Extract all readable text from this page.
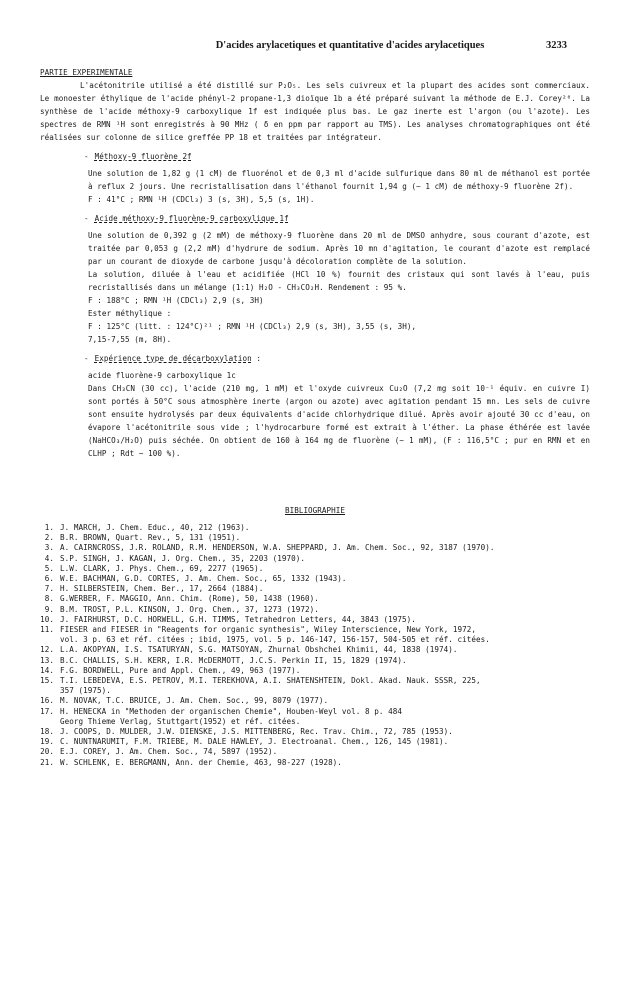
D'acides arylacetiques et quantitative d'acides arylacetiques	3233

PARTIE EXPERIMENTALE

L'acétonitrile utilisé a été distillé sur P₂O₅. Les sels cuivreux et la plupart des acides sont commerciaux. Le monoester éthylique de l'acide phényl-2 propane-1,3 dioïque 1b a été préparé suivant la méthode de E.J. Corey²⁰. La synthèse de l'acide méthoxy-9 carboxylique 1f est indiquée plus bas. Le gaz inerte est l'argon (ou l'azote). Les spectres de RMN ¹H sont enregistrés à 90 MHz ( δ en ppm par rapport au TMS). Les analyses chromatographiques ont été réalisées sur colonne de silice greffée PP 18 et traitées par intégrateur.

- Méthoxy-9 fluorène 2f

Une solution de 1,82 g (1 cM) de fluorénol et de 0,3 ml d'acide sulfurique dans 80 ml de méthanol est portée à reflux 2 jours. Une recristallisation dans l'éthanol fournit 1,94 g (~ 1 cM) de méthoxy-9 fluorène 2f).

F : 41°C ; RMN ¹H (CDCl₃) 3 (s, 3H), 5,5 (s, 1H).

- Acide méthoxy-9 fluorène-9 carboxylique 1f

Une solution de 0,392 g (2 mM) de méthoxy-9 fluorène dans 20 ml de DMSO anhydre, sous courant d'azote, est traitée par 0,053 g (2,2 mM) d'hydrure de sodium. Après 10 mn d'agitation, le courant d'azote est remplacé par un courant de dioxyde de carbone jusqu'à décoloration complète de la solution.

La solution, diluée à l'eau et acidifiée (HCl 10 %) fournit des cristaux qui sont lavés à l'eau, puis recristallisés dans un mélange (1:1) H₂O - CH₃CO₂H. Rendement : 95 %.

F : 188°C ; RMN ¹H (CDCl₃) 2,9 (s, 3H)

Ester méthylique :

F : 125°C (litt. : 124°C)²¹ ; RMN ¹H (CDCl₃) 2,9 (s, 3H), 3,55 (s, 3H),

7,15-7,55 (m, 8H).

- Expérience type de décarboxylation :

acide fluorène-9 carboxylique 1c

Dans CH₃CN (30 cc), l'acide (210 mg, 1 mM) et l'oxyde cuivreux Cu₂O (7,2 mg soit 10⁻¹ équiv. en cuivre I) sont portés à 50°C sous atmosphère inerte (argon ou azote) avec agitation pendant 15 mn. Les sels de cuivre sont ensuite hydrolysés par deux équivalents d'acide chlorhydrique dilué. Après avoir ajouté 30 cc d'eau, on évapore l'acétonitrile sous vide ; l'hydrocarbure formé est extrait à l'éther. La phase éthérée est lavée (NaHCO₃/H₂O) puis séchée. On obtient de 160 à 164 mg de fluorène (~ 1 mM), (F : 116,5°C ; pur en RMN et en CLHP ; Rdt ~ 100 %).

BIBLIOGRAPHIE
1. J. MARCH, J. Chem. Educ., 40, 212 (1963).
2. B.R. BROWN, Quart. Rev., 5, 131 (1951).
3. A. CAIRNCROSS, J.R. ROLAND, R.M. HENDERSON, W.A. SHEPPARD, J. Am. Chem. Soc., 92, 3187 (1970).
4. S.P. SINGH, J. KAGAN, J. Org. Chem., 35, 2203 (1970).
5. L.W. CLARK, J. Phys. Chem., 69, 2277 (1965).
6. W.E. BACHMAN, G.D. CORTES, J. Am. Chem. Soc., 65, 1332 (1943).
7. H. SILBERSTEIN, Chem. Ber., 17, 2664 (1884).
8. G.WERBER, F. MAGGIO, Ann. Chim. (Rome), 50, 1438 (1960).
9. B.M. TROST, P.L. KINSON, J. Org. Chem., 37, 1273 (1972).
10. J. FAIRHURST, D.C. HORWELL, G.H. TIMMS, Tetrahedron Letters, 44, 3843 (1975).
11. FIESER and FIESER in "Reagents for organic synthesis", Wiley Interscience, New York, 1972,
vol. 3 p. 63 et réf. citées ; ibid, 1975, vol. 5 p. 146-147, 156-157, 504-505 et réf. citées.
12. L.A. AKOPYAN, I.S. TSATURYAN, S.G. MATSOYAN, Zhurnal Obshchei Khimii, 44, 1838 (1974).
13. B.C. CHALLIS, S.H. KERR, I.R. McDERMOTT, J.C.S. Perkin II, 15, 1829 (1974).
14. F.G. BORDWELL, Pure and Appl. Chem., 49, 963 (1977).
15. T.I. LEBEDEVA, E.S. PETROV, M.I. TEREKHOVA, A.I. SHATENSHTEIN, Dokl. Akad. Nauk. SSSR, 225,
357 (1975).
16. M. NOVAK, T.C. BRUICE, J. Am. Chem. Soc., 99, 8079 (1977).
17. H. HENECKA in "Methoden der organischen Chemie", Houben-Weyl vol. 8 p. 484
Georg Thieme Verlag, Stuttgart(1952) et réf. citées.
18. J. COOPS, D. MULDER, J.W. DIENSKE, J.S. MITTENBERG, Rec. Trav. Chim., 72, 785 (1953).
19. C. NUNTNARUMIT, F.M. TRIEBE, M. DALE HAWLEY, J. Electroanal. Chem., 126, 145 (1981).
20. E.J. COREY, J. Am. Chem. Soc., 74, 5897 (1952).
21. W. SCHLENK, E. BERGMANN, Ann. der Chemie, 463, 98-227 (1928).
